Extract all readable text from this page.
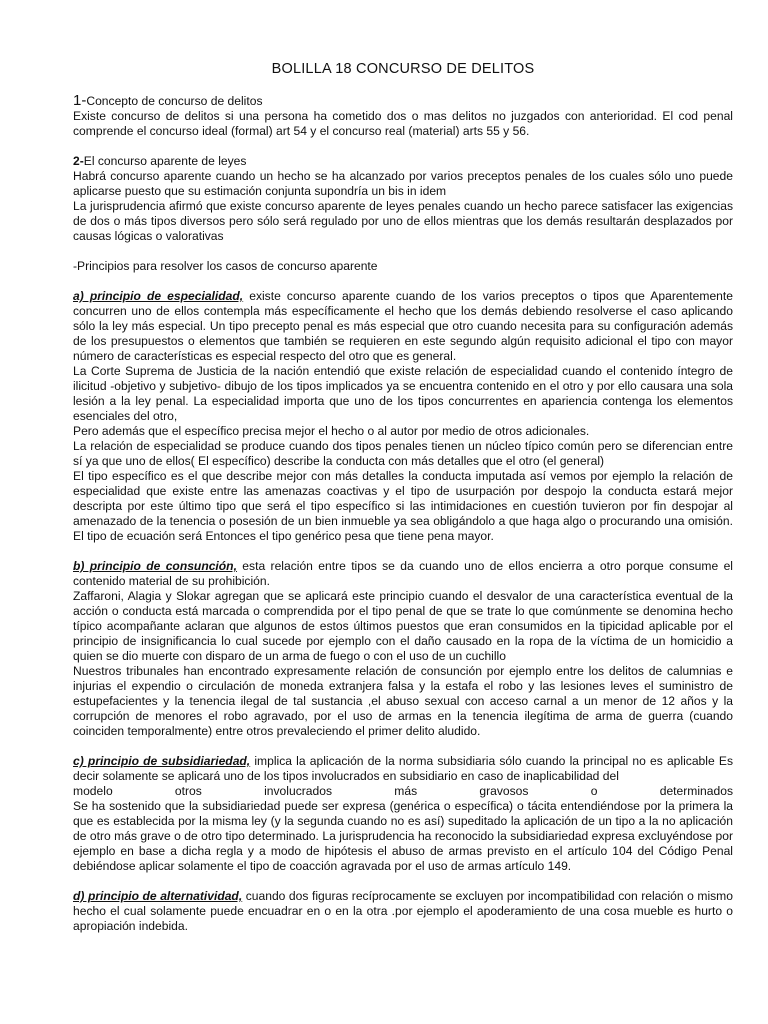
BOLILLA 18 CONCURSO DE DELITOS
1-Concepto de concurso de delitos
Existe concurso de delitos si una persona ha cometido dos o mas delitos no juzgados con anterioridad. El cod penal comprende el concurso ideal (formal) art 54 y el concurso real (material) arts 55 y 56.
2-El concurso aparente de leyes
Habrá concurso aparente cuando un hecho se ha alcanzado por varios preceptos penales de los cuales sólo uno puede aplicarse puesto que su estimación conjunta supondría un bis in idem
La jurisprudencia afirmó que existe concurso aparente de leyes penales cuando un hecho parece satisfacer las exigencias de dos o más tipos diversos pero sólo será regulado por uno de ellos mientras que los demás resultarán desplazados por causas lógicas o valorativas
-Principios para resolver los casos de concurso aparente
a) principio de especialidad, existe concurso aparente cuando de los varios preceptos o tipos que Aparentemente concurren uno de ellos contempla más específicamente el hecho que los demás debiendo resolverse el caso aplicando sólo la ley más especial. Un tipo precepto penal es más especial que otro cuando necesita para su configuración además de los presupuestos o elementos que también se requieren en este segundo algún requisito adicional el tipo con mayor número de características es especial respecto del otro que es general.
La Corte Suprema de Justicia de la nación entendió que existe relación de especialidad cuando el contenido íntegro de ilicitud -objetivo y subjetivo- dibujo de los tipos implicados ya se encuentra contenido en el otro y por ello causara una sola lesión a la ley penal. La especialidad importa que uno de los tipos concurrentes en apariencia contenga los elementos esenciales del otro,
Pero además que el específico precisa mejor el hecho o al autor por medio de otros adicionales.
La relación de especialidad se produce cuando dos tipos penales tienen un núcleo típico común pero se diferencian entre sí ya que uno de ellos( El específico) describe la conducta con más detalles que el otro (el general)
El tipo específico es el que describe mejor con más detalles la conducta imputada así vemos por ejemplo la relación de especialidad que existe entre las amenazas coactivas y el tipo de usurpación por despojo la conducta estará mejor descripta por este último tipo que será el tipo específico si las intimidaciones en cuestión tuvieron por fin despojar al amenazado de la tenencia o posesión de un bien inmueble ya sea obligándolo a que haga algo o procurando una omisión. El tipo de ecuación será Entonces el tipo genérico pesa que tiene pena mayor.
b) principio de consunción, esta relación entre tipos se da cuando uno de ellos encierra a otro porque consume el contenido material de su prohibición.
Zaffaroni, Alagia y Slokar agregan que se aplicará este principio cuando el desvalor de una característica eventual de la acción o conducta está marcada o comprendida por el tipo penal de que se trate lo que comúnmente se denomina hecho típico acompañante aclaran que algunos de estos últimos puestos que eran consumidos en la tipicidad aplicable por el principio de insignificancia lo cual sucede por ejemplo con el daño causado en la ropa de la víctima de un homicidio a quien se dio muerte con disparo de un arma de fuego o con el uso de un cuchillo
Nuestros tribunales han encontrado expresamente relación de consunción por ejemplo entre los delitos de calumnias e injurias el expendio o circulación de moneda extranjera falsa y la estafa el robo y las lesiones leves el suministro de estupefacientes y la tenencia ilegal de tal sustancia ,el abuso sexual con acceso carnal a un menor de 12 años y la corrupción de menores el robo agravado, por el uso de armas en la tenencia ilegítima de arma de guerra (cuando coinciden temporalmente) entre otros prevaleciendo el primer delito aludido.
c) principio de subsidiariedad, implica la aplicación de la norma subsidiaria sólo cuando la principal no es aplicable Es decir solamente se aplicará uno de los tipos involucrados en subsidiario en caso de inaplicabilidad del
modelo otros involucrados más gravosos o determinados
Se ha sostenido que la subsidiariedad puede ser expresa (genérica o específica) o tácita entendiéndose por la primera la que es establecida por la misma ley (y la segunda cuando no es así) supeditado la aplicación de un tipo a la no aplicación de otro más grave o de otro tipo determinado. La jurisprudencia ha reconocido la subsidiariedad expresa excluyéndose por ejemplo en base a dicha regla y a modo de hipótesis el abuso de armas previsto en el artículo 104 del Código Penal debiéndose aplicar solamente el tipo de coacción agravada por el uso de armas artículo 149.
d) principio de alternatividad, cuando dos figuras recíprocamente se excluyen por incompatibilidad con relación o mismo hecho el cual solamente puede encuadrar en o en la otra .por ejemplo el apoderamiento de una cosa mueble es hurto o apropiación indebida.
